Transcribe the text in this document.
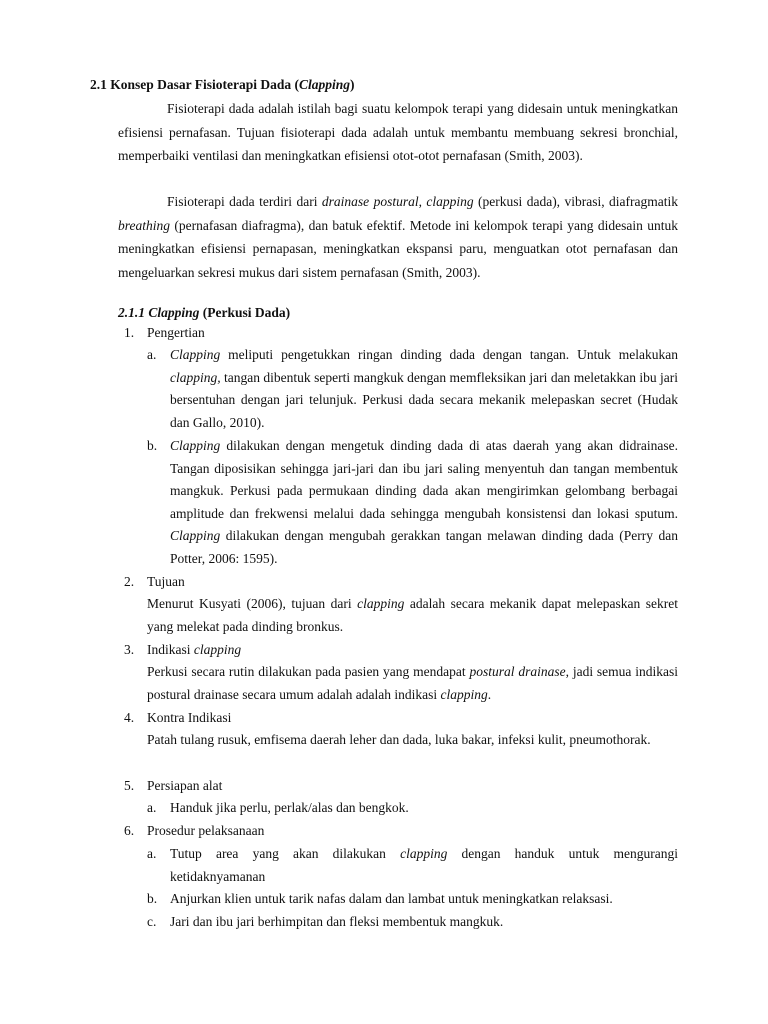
2.1 Konsep Dasar Fisioterapi Dada (Clapping)
Fisioterapi dada adalah istilah bagi suatu kelompok terapi yang didesain untuk meningkatkan efisiensi pernafasan. Tujuan fisioterapi dada adalah untuk membantu membuang sekresi bronchial, memperbaiki ventilasi dan meningkatkan efisiensi otot-otot pernafasan (Smith, 2003).
Fisioterapi dada terdiri dari drainase postural, clapping (perkusi dada), vibrasi, diafragmatik breathing (pernafasan diafragma), dan batuk efektif. Metode ini kelompok terapi yang didesain untuk meningkatkan efisiensi pernapasan, meningkatkan ekspansi paru, menguatkan otot pernafasan dan mengeluarkan sekresi mukus dari sistem pernafasan (Smith, 2003).
2.1.1 Clapping (Perkusi Dada)
1. Pengertian
a. Clapping meliputi pengetukkan ringan dinding dada dengan tangan. Untuk melakukan clapping, tangan dibentuk seperti mangkuk dengan memfleksikan jari dan meletakkan ibu jari bersentuhan dengan jari telunjuk. Perkusi dada secara mekanik melepaskan secret (Hudak dan Gallo, 2010).
b. Clapping dilakukan dengan mengetuk dinding dada di atas daerah yang akan didrainase. Tangan diposisikan sehingga jari-jari dan ibu jari saling menyentuh dan tangan membentuk mangkuk. Perkusi pada permukaan dinding dada akan mengirimkan gelombang berbagai amplitude dan frekwensi melalui dada sehingga mengubah konsistensi dan lokasi sputum. Clapping dilakukan dengan mengubah gerakkan tangan melawan dinding dada (Perry dan Potter, 2006: 1595).
2. Tujuan
Menurut Kusyati (2006), tujuan dari clapping adalah secara mekanik dapat melepaskan sekret yang melekat pada dinding bronkus.
3. Indikasi clapping
Perkusi secara rutin dilakukan pada pasien yang mendapat postural drainase, jadi semua indikasi postural drainase secara umum adalah adalah indikasi clapping.
4. Kontra Indikasi
Patah tulang rusuk, emfisema daerah leher dan dada, luka bakar, infeksi kulit, pneumothorak.
5. Persiapan alat
a. Handuk jika perlu, perlak/alas dan bengkok.
6. Prosedur pelaksanaan
a. Tutup area yang akan dilakukan clapping dengan handuk untuk mengurangi ketidaknyamanan
b. Anjurkan klien untuk tarik nafas dalam dan lambat untuk meningkatkan relaksasi.
c. Jari dan ibu jari berhimpitan dan fleksi membentuk mangkuk.
